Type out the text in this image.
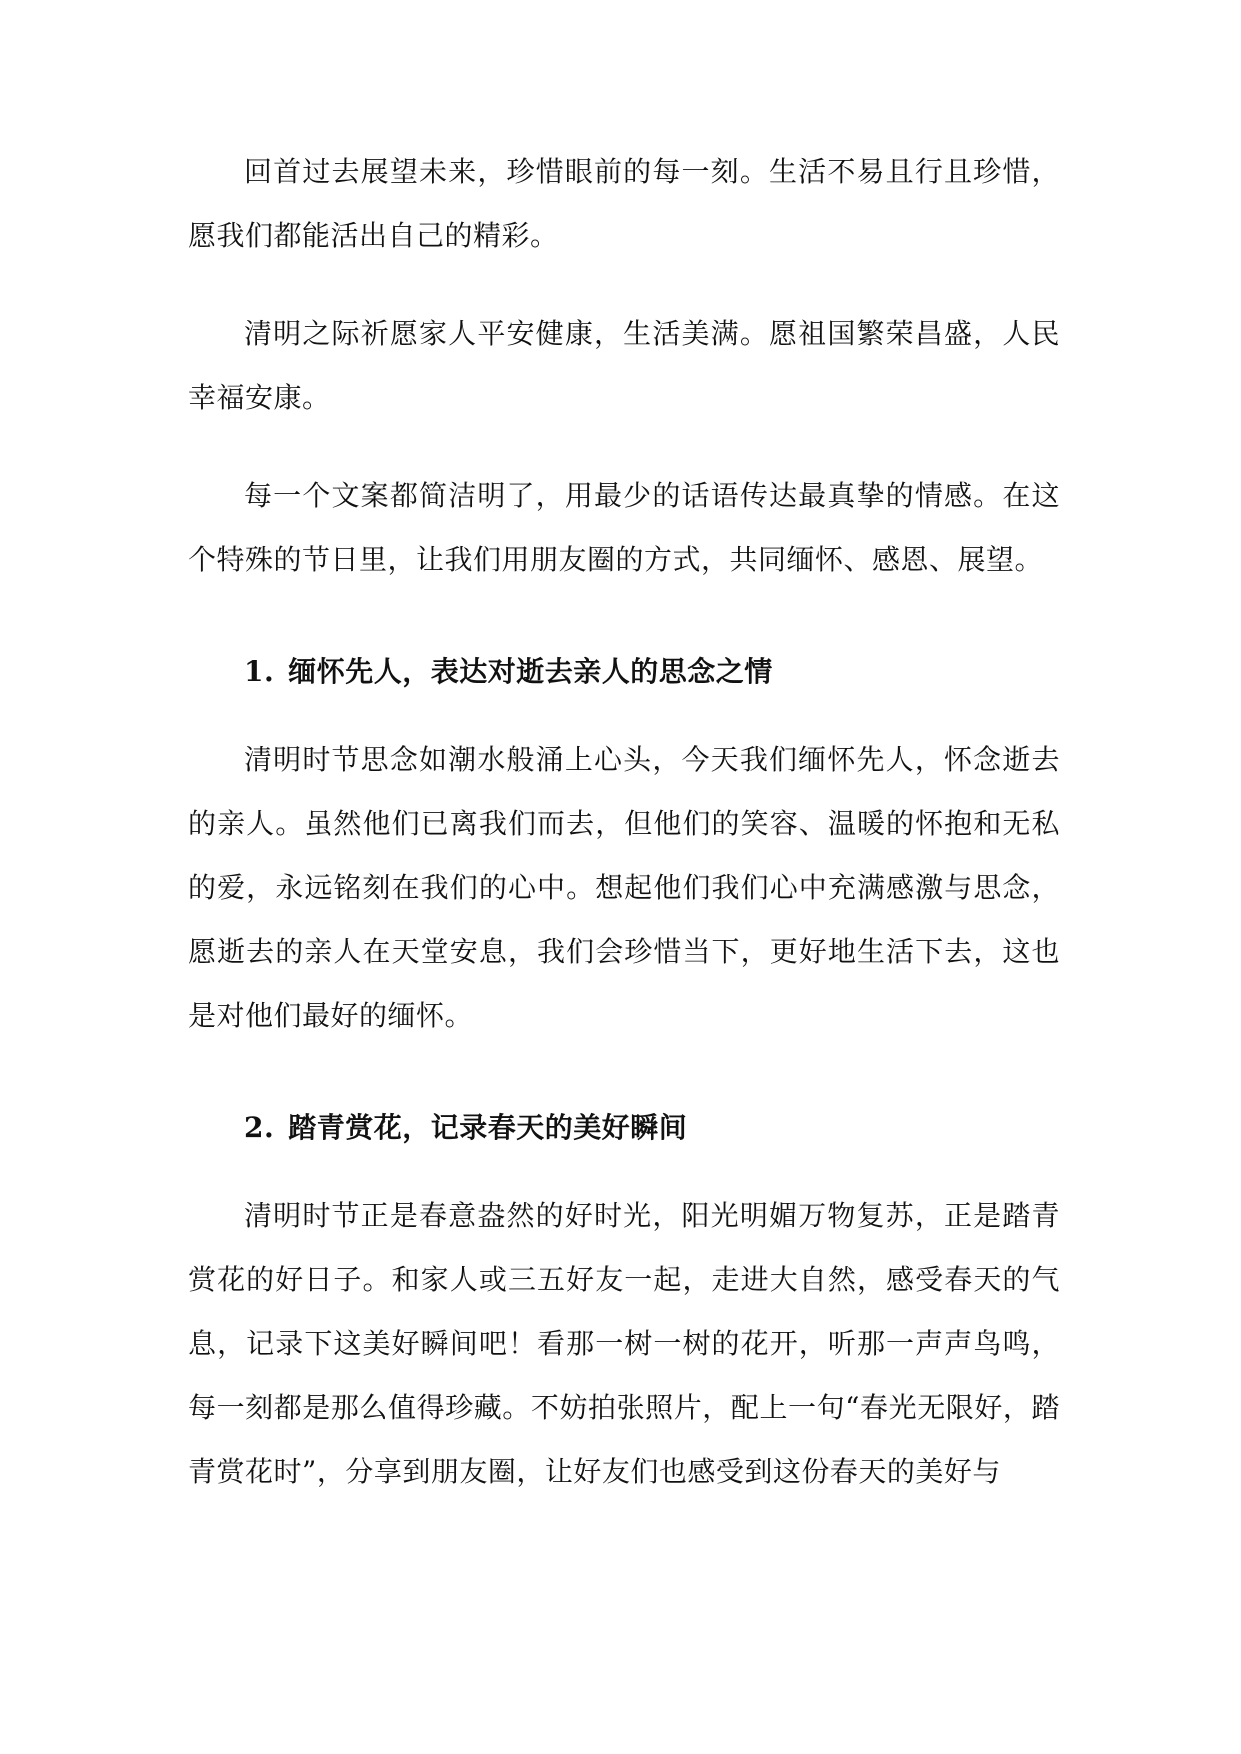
回首过去展望未来，珍惜眼前的每一刻。生活不易且行且珍惜，愿我们都能活出自己的精彩。

清明之际祈愿家人平安健康，生活美满。愿祖国繁荣昌盛，人民幸福安康。

每一个文案都简洁明了，用最少的话语传达最真挚的情感。在这个特殊的节日里，让我们用朋友圈的方式，共同缅怀、感恩、展望。

1. 缅怀先人，表达对逝去亲人的思念之情

清明时节思念如潮水般涌上心头，今天我们缅怀先人，怀念逝去的亲人。虽然他们已离我们而去，但他们的笑容、温暖的怀抱和无私的爱，永远铭刻在我们的心中。想起他们我们心中充满感激与思念，愿逝去的亲人在天堂安息，我们会珍惜当下，更好地生活下去，这也是对他们最好的缅怀。

2. 踏青赏花，记录春天的美好瞬间

清明时节正是春意盎然的好时光，阳光明媚万物复苏，正是踏青赏花的好日子。和家人或三五好友一起，走进大自然，感受春天的气息，记录下这美好瞬间吧！看那一树一树的花开，听那一声声鸟鸣，每一刻都是那么值得珍藏。不妨拍张照片，配上一句“春光无限好，踏青赏花时”，分享到朋友圈，让好友们也感受到这份春天的美好与
